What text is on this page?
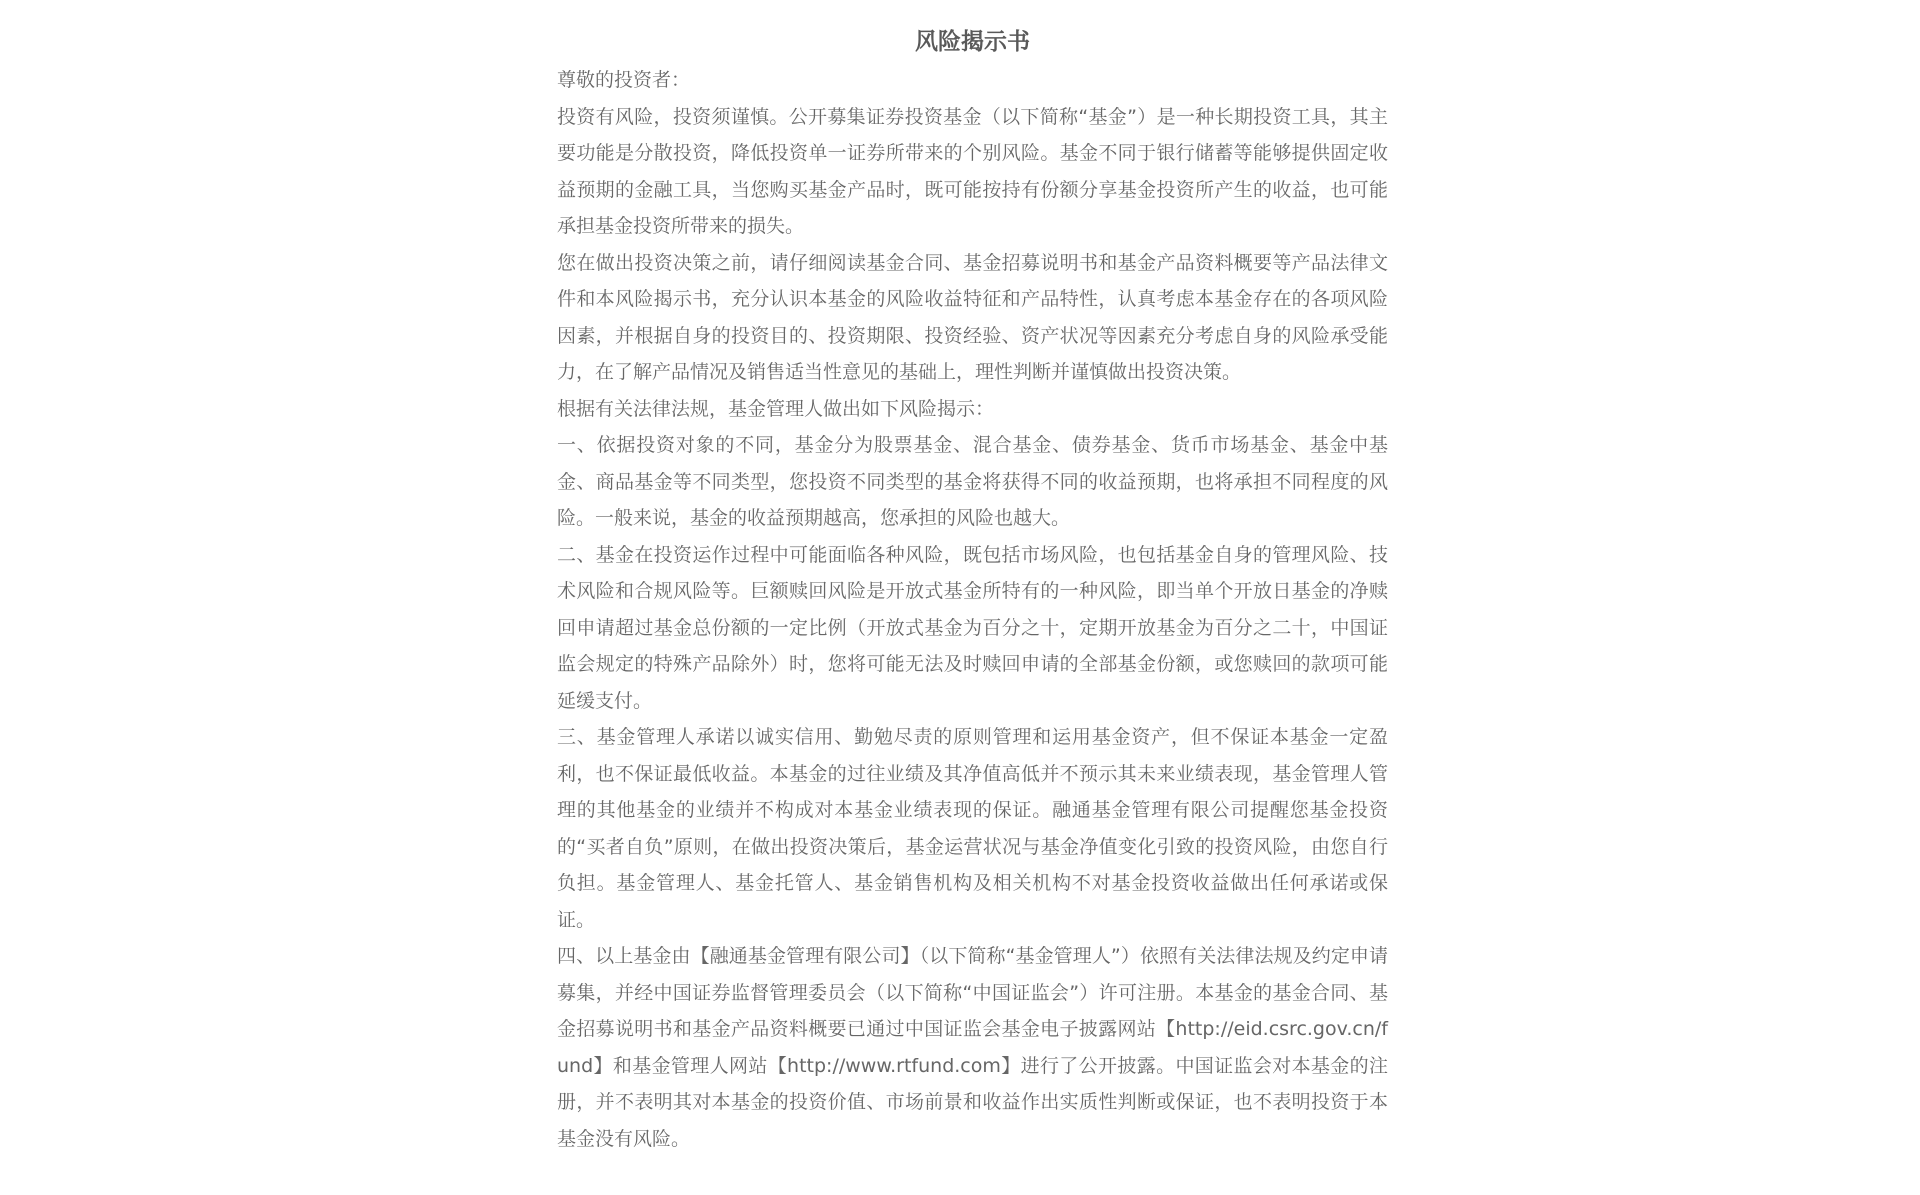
风险揭示书

尊敬的投资者：

投资有风险，投资须谨慎。公开募集证券投资基金（以下简称“基金”）是一种长期投资工具，其主要功能是分散投资，降低投资单一证券所带来的个别风险。基金不同于银行储蓄等能够提供固定收益预期的金融工具，当您购买基金产品时，既可能按持有份额分享基金投资所产生的收益，也可能承担基金投资所带来的损失。

您在做出投资决策之前，请仔细阅读基金合同、基金招募说明书和基金产品资料概要等产品法律文件和本风险揭示书，充分认识本基金的风险收益特征和产品特性，认真考虑本基金存在的各项风险因素，并根据自身的投资目的、投资期限、投资经验、资产状况等因素充分考虑自身的风险承受能力，在了解产品情况及销售适当性意见的基础上，理性判断并谨慎做出投资决策。

根据有关法律法规，基金管理人做出如下风险揭示：

一、依据投资对象的不同，基金分为股票基金、混合基金、债券基金、货币市场基金、基金中基金、商品基金等不同类型，您投资不同类型的基金将获得不同的收益预期，也将承担不同程度的风险。一般来说，基金的收益预期越高，您承担的风险也越大。

二、基金在投资运作过程中可能面临各种风险，既包括市场风险，也包括基金自身的管理风险、技术风险和合规风险等。巨额赎回风险是开放式基金所特有的一种风险，即当单个开放日基金的净赎回申请超过基金总份额的一定比例（开放式基金为百分之十，定期开放基金为百分之二十，中国证监会规定的特殊产品除外）时，您将可能无法及时赎回申请的全部基金份额，或您赎回的款项可能延缓支付。

三、基金管理人承诺以诚实信用、勤勉尽责的原则管理和运用基金资产，但不保证本基金一定盈利，也不保证最低收益。本基金的过往业绩及其净值高低并不预示其未来业绩表现，基金管理人管理的其他基金的业绩并不构成对本基金业绩表现的保证。融通基金管理有限公司提醒您基金投资的“买者自负”原则，在做出投资决策后，基金运营状况与基金净值变化引致的投资风险，由您自行负担。基金管理人、基金托管人、基金销售机构及相关机构不对基金投资收益做出任何承诺或保证。

四、以上基金由【融通基金管理有限公司】（以下简称“基金管理人”）依照有关法律法规及约定申请募集，并经中国证券监督管理委员会（以下简称“中国证监会”）许可注册。本基金的基金合同、基金招募说明书和基金产品资料概要已通过中国证监会基金电子披露网站【http://eid.csrc.gov.cn/fund】和基金管理人网站【http://www.rtfund.com】进行了公开披露。中国证监会对本基金的注册，并不表明其对本基金的投资价值、市场前景和收益作出实质性判断或保证，也不表明投资于本基金没有风险。
